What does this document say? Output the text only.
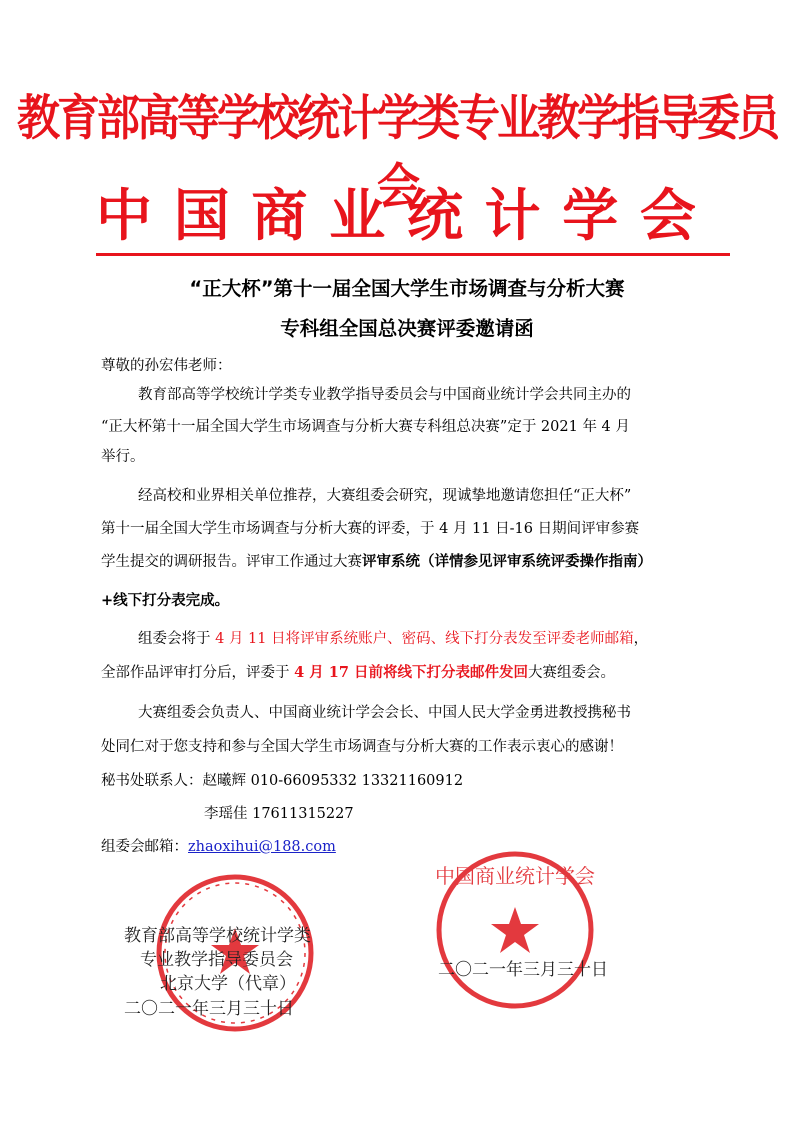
教育部高等学校统计学类专业教学指导委员会
中 国 商 业 统 计 学 会
“正大杯”第十一届全国大学生市场调查与分析大赛
专科组全国总决赛评委邀请函
尊敬的孙宏伟老师：
教育部高等学校统计学类专业教学指导委员会与中国商业统计学会共同主办的
“正大杯第十一届全国大学生市场调查与分析大赛专科组总决赛”定于 2021 年 4 月
举行。
经高校和业界相关单位推荐，大赛组委会研究，现诚挚地邀请您担任“正大杯”
第十一届全国大学生市场调查与分析大赛的评委，于 4 月 11 日-16 日期间评审参赛
学生提交的调研报告。评审工作通过大赛评审系统（详情参见评审系统评委操作指南）
+线下打分表完成。
组委会将于 4 月 11 日将评审系统账户、密码、线下打分表发至评委老师邮箱，
全部作品评审打分后，评委于 4 月 17 日前将线下打分表邮件发回大赛组委会。
大赛组委会负责人、中国商业统计学会会长、中国人民大学金勇进教授携秘书
处同仁对于您支持和参与全国大学生市场调查与分析大赛的工作表示衷心的感谢！
秘书处联系人：赵曦辉 010-66095332 13321160912
李瑶佳 17611315227
组委会邮箱：zhaoxihui@188.com
中国商业统计学会
教育部高等学校统计学类
专业教学指导委员会
北京大学（代章）
二〇二一年三月三十日
二〇二一年三月三十日
